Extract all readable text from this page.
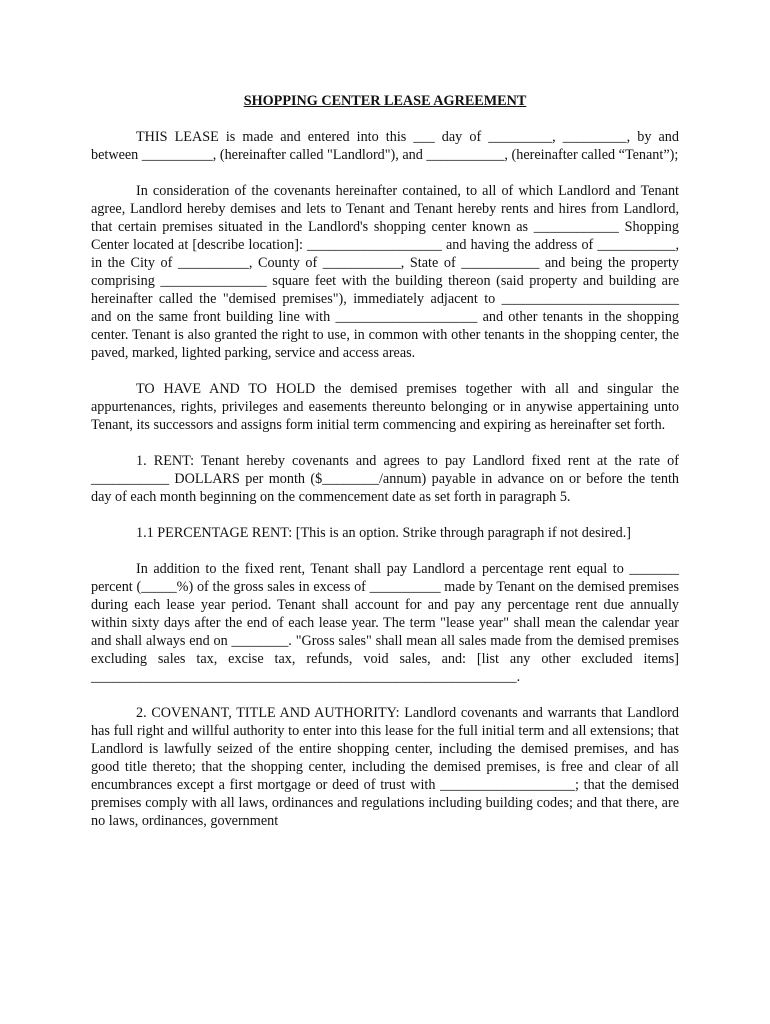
SHOPPING CENTER LEASE AGREEMENT

THIS LEASE is made and entered into this ___ day of _________, _________, by and between __________, (hereinafter called "Landlord"), and ___________, (hereinafter called “Tenant”);

In consideration of the covenants hereinafter contained, to all of which Landlord and Tenant agree, Landlord hereby demises and lets to Tenant and Tenant hereby rents and hires from Landlord, that certain premises situated in the Landlord's shopping center known as ____________ Shopping Center located at [describe location]: ___________________ and having the address of ___________, in the City of __________, County of ___________, State of ___________ and being the property comprising _______________ square feet with the building thereon (said property and building are hereinafter called the "demised premises"), immediately adjacent to _________________________ and on the same front building line with ____________________ and other tenants in the shopping center. Tenant is also granted the right to use, in common with other tenants in the shopping center, the paved, marked, lighted parking, service and access areas.

TO HAVE AND TO HOLD the demised premises together with all and singular the appurtenances, rights, privileges and easements thereunto belonging or in anywise appertaining unto Tenant, its successors and assigns form initial term commencing and expiring as hereinafter set forth.

1. RENT: Tenant hereby covenants and agrees to pay Landlord fixed rent at the rate of ___________ DOLLARS per month ($________/annum) payable in advance on or before the tenth day of each month beginning on the commencement date as set forth in paragraph 5.

1.1 PERCENTAGE RENT: [This is an option. Strike through paragraph if not desired.]

In addition to the fixed rent, Tenant shall pay Landlord a percentage rent equal to _______ percent (_____%) of the gross sales in excess of __________ made by Tenant on the demised premises during each lease year period. Tenant shall account for and pay any percentage rent due annually within sixty days after the end of each lease year. The term "lease year" shall mean the calendar year and shall always end on ________. "Gross sales" shall mean all sales made from the demised premises excluding sales tax, excise tax, refunds, void sales, and: [list any other excluded items] ____________________________________________________________.

2. COVENANT, TITLE AND AUTHORITY: Landlord covenants and warrants that Landlord has full right and willful authority to enter into this lease for the full initial term and all extensions; that Landlord is lawfully seized of the entire shopping center, including the demised premises, and has good title thereto; that the shopping center, including the demised premises, is free and clear of all encumbrances except a first mortgage or deed of trust with ___________________; that the demised premises comply with all laws, ordinances and regulations including building codes; and that there, are no laws, ordinances, government
